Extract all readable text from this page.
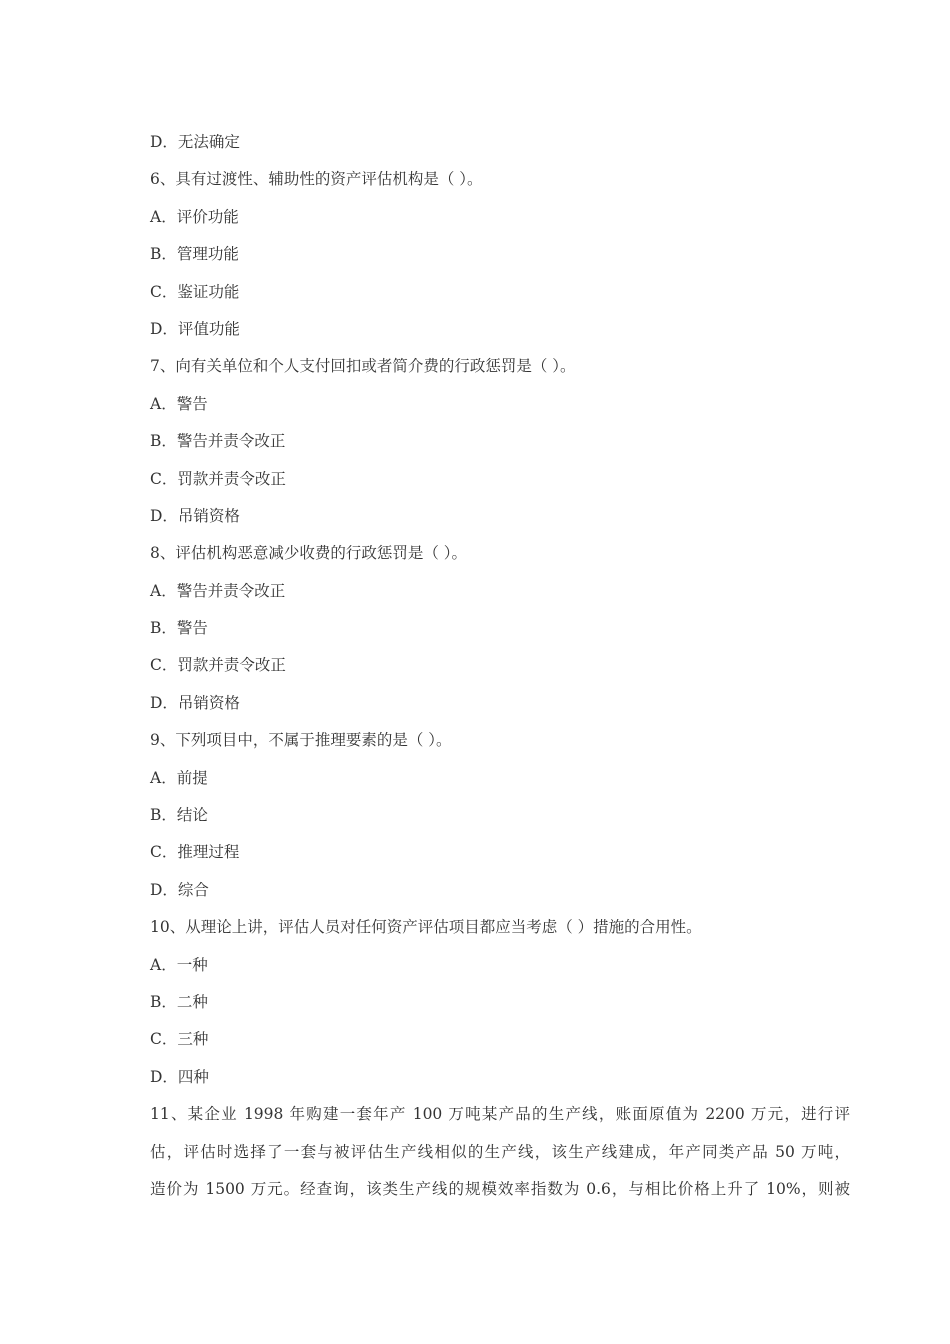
D．无法确定
6、具有过渡性、辅助性的资产评估机构是（ ）。
A．评价功能
B．管理功能
C．鉴证功能
D．评值功能
7、向有关单位和个人支付回扣或者简介费的行政惩罚是（ ）。
A．警告
B．警告并责令改正
C．罚款并责令改正
D．吊销资格
8、评估机构恶意减少收费的行政惩罚是（ ）。
A．警告并责令改正
B．警告
C．罚款并责令改正
D．吊销资格
9、下列项目中，不属于推理要素的是（ ）。
A．前提
B．结论
C．推理过程
D．综合
10、从理论上讲，评估人员对任何资产评估项目都应当考虑（ ）措施的合用性。
A．一种
B．二种
C．三种
D．四种
11、某企业 1998 年购建一套年产 100 万吨某产品的生产线，账面原值为 2200 万元，进行评
估，评估时选择了一套与被评估生产线相似的生产线，该生产线建成，年产同类产品 50 万吨，
造价为 1500 万元。经查询，该类生产线的规模效率指数为 0.6，与相比价格上升了 10%，则被
